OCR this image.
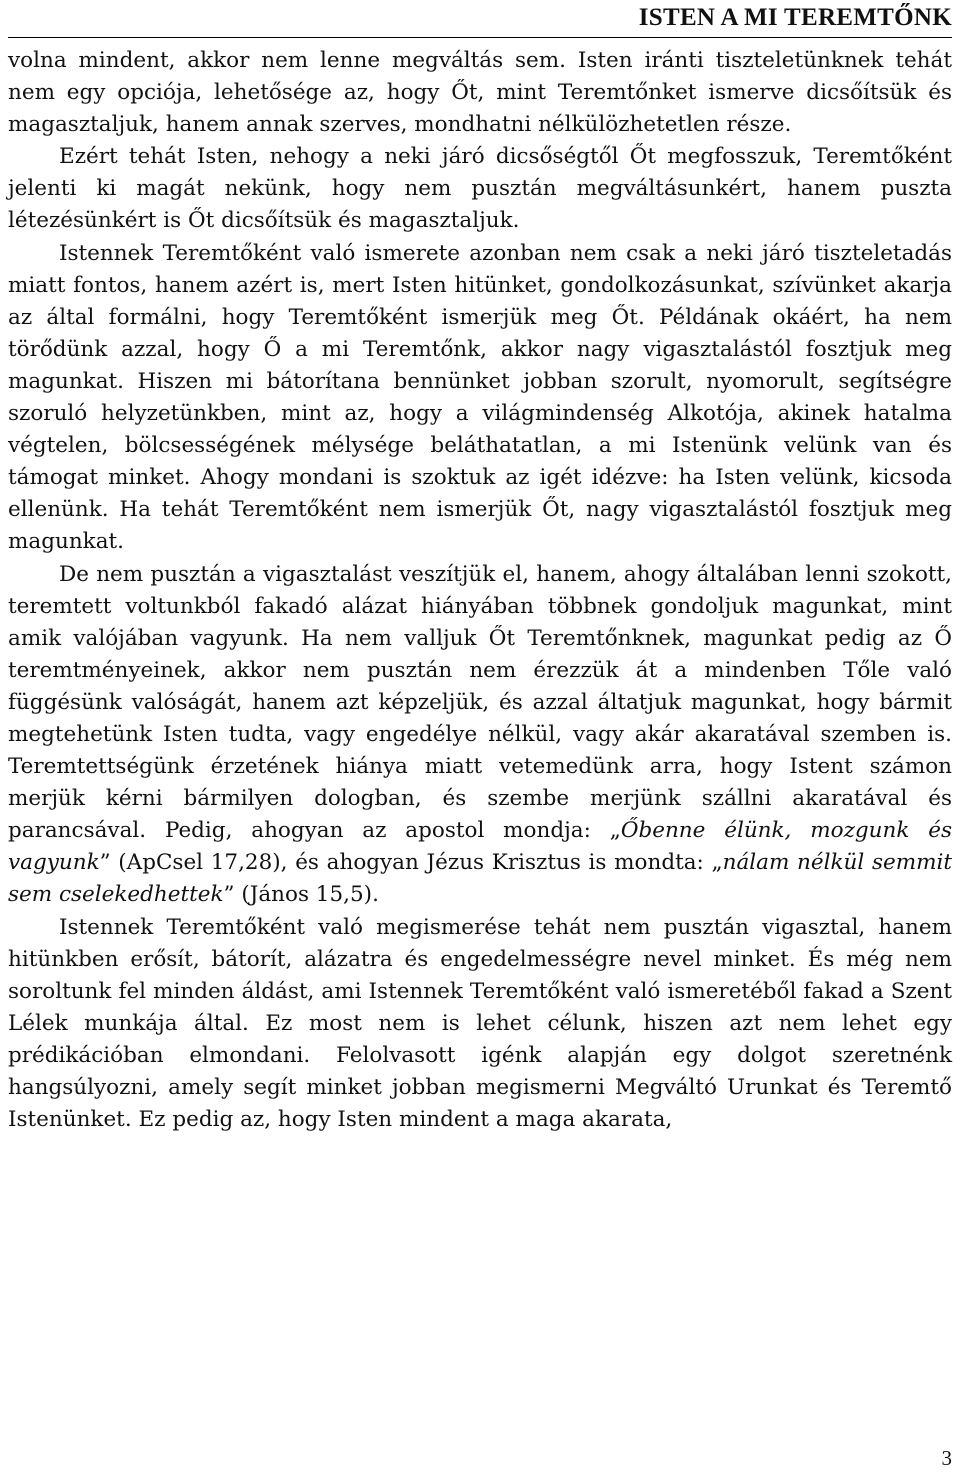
ISTEN A MI TEREMTŐNK

volna mindent, akkor nem lenne megváltás sem. Isten iránti tiszteletünknek tehát nem egy opciója, lehetősége az, hogy Őt, mint Teremtőnket ismerve dicsőítsük és magasztaljuk, hanem annak szerves, mondhatni nélkülözhetetlen része.

Ezért tehát Isten, nehogy a neki járó dicsőségtől Őt megfosszuk, Teremtőként jelenti ki magát nekünk, hogy nem pusztán megváltásunkért, hanem puszta létezésünkért is Őt dicsőítsük és magasztaljuk.

Istennek Teremtőként való ismerete azonban nem csak a neki járó tiszteletadás miatt fontos, hanem azért is, mert Isten hitünket, gondolkozásunkat, szívünket akarja az által formálni, hogy Teremtőként ismerjük meg Őt. Példának okáért, ha nem törődünk azzal, hogy Ő a mi Teremtőnk, akkor nagy vigasztalástól fosztjuk meg magunkat. Hiszen mi bátorítana bennünket jobban szorult, nyomorult, segítségre szoruló helyzetünkben, mint az, hogy a világmindenség Alkotója, akinek hatalma végtelen, bölcsességének mélysége beláthatatlan, a mi Istenünk velünk van és támogat minket. Ahogy mondani is szoktuk az igét idézve: ha Isten velünk, kicsoda ellenünk. Ha tehát Teremtőként nem ismerjük Őt, nagy vigasztalástól fosztjuk meg magunkat.

De nem pusztán a vigasztalást veszítjük el, hanem, ahogy általában lenni szokott, teremtett voltunkból fakadó alázat hiányában többnek gondoljuk magunkat, mint amik valójában vagyunk. Ha nem valljuk Őt Teremtőnknek, magunkat pedig az Ő teremtményeinek, akkor nem pusztán nem érezzük át a mindenben Tőle való függésünk valóságát, hanem azt képzeljük, és azzal áltatjuk magunkat, hogy bármit megtehetünk Isten tudta, vagy engedélye nélkül, vagy akár akaratával szemben is. Teremtettségünk érzetének hiánya miatt vetemedünk arra, hogy Istent számon merjük kérni bármilyen dologban, és szembe merjünk szállni akaratával és parancsával. Pedig, ahogyan az apostol mondja: „Őbenne élünk, mozgunk és vagyunk” (ApCsel 17,28), és ahogyan Jézus Krisztus is mondta: „nálam nélkül semmit sem cselekedhettek” (János 15,5).

Istennek Teremtőként való megismerése tehát nem pusztán vigasztal, hanem hitünkben erősít, bátorít, alázatra és engedelmességre nevel minket. És még nem soroltunk fel minden áldást, ami Istennek Teremtőként való ismeretéből fakad a Szent Lélek munkája által. Ez most nem is lehet célunk, hiszen azt nem lehet egy prédikációban elmondani. Felolvasott igénk alapján egy dolgot szeretnénk hangsúlyozni, amely segít minket jobban megismerni Megváltó Urunkat és Teremtő Istenünket. Ez pedig az, hogy Isten mindent a maga akarata,

3
